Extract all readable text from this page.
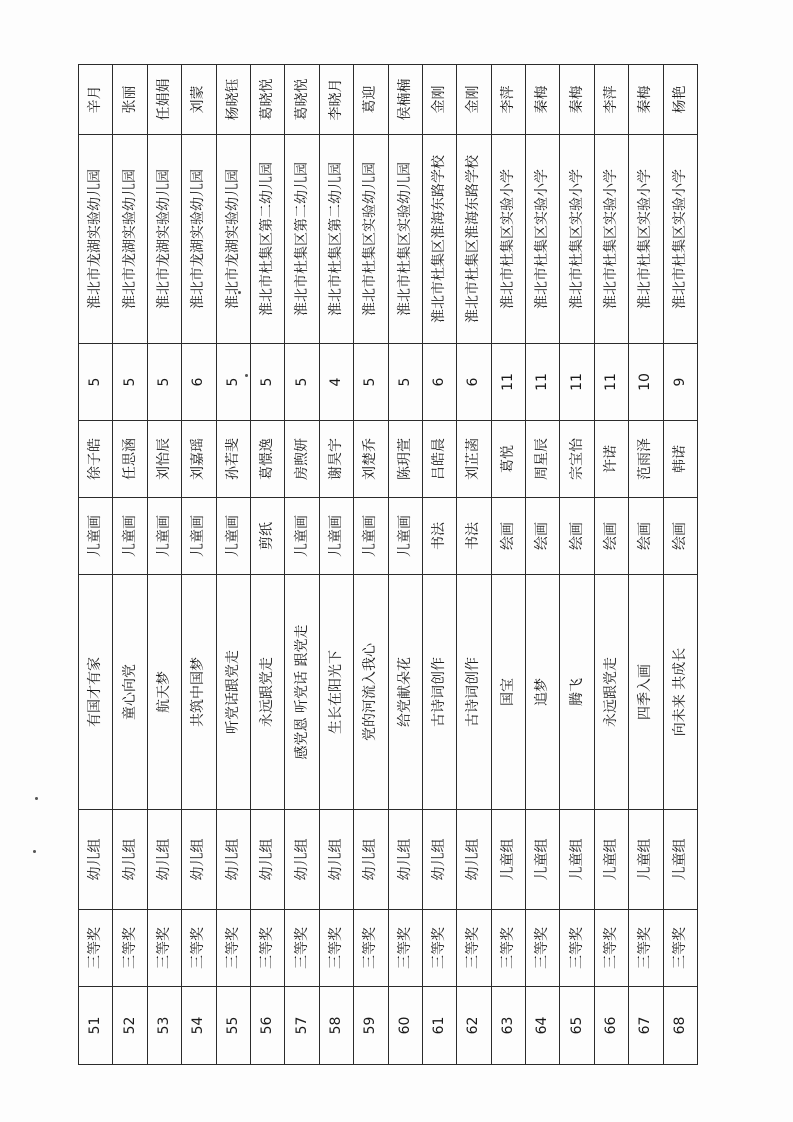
51	三等奖	幼儿组	有国才有家	儿童画	徐子皓	5	淮北市龙湖实验幼儿园	辛月
52	三等奖	幼儿组	童心向党	儿童画	任思涵	5	淮北市龙湖实验幼儿园	张丽
53	三等奖	幼儿组	航天梦	儿童画	刘怡辰	5	淮北市龙湖实验幼儿园	任娟娟
54	三等奖	幼儿组	共筑中国梦	儿童画	刘嘉瑶	6	淮北市龙湖实验幼儿园	刘蒙
55	三等奖	幼儿组	听党话跟党走	儿童画	孙若斐	5	淮北市龙湖实验幼儿园	杨晓钰
56	三等奖	幼儿组	永远跟党走	剪纸	葛憬逸	5	淮北市杜集区第二幼儿园	葛晓悦
57	三等奖	幼儿组	感党恩 听党话 跟党走	儿童画	房煦妍	5	淮北市杜集区第二幼儿园	葛晓悦
58	三等奖	幼儿组	生长在阳光下	儿童画	谢昊宇	4	淮北市杜集区第二幼儿园	李晓月
59	三等奖	幼儿组	党的河流入我心	儿童画	刘楚乔	5	淮北市杜集区实验幼儿园	葛迎
60	三等奖	幼儿组	给党献朵花	儿童画	陈玥萱	5	淮北市杜集区实验幼儿园	侯楠楠
61	三等奖	幼儿组	古诗词创作	书法	吕皓晨	6	淮北市杜集区淮海东路学校	金刚
62	三等奖	幼儿组	古诗词创作	书法	刘芷菡	6	淮北市杜集区淮海东路学校	金刚
63	三等奖	儿童组	国宝	绘画	葛悦	11	淮北市杜集区实验小学	李萍
64	三等奖	儿童组	追梦	绘画	周星辰	11	淮北市杜集区实验小学	秦梅
65	三等奖	儿童组	腾飞	绘画	宗宝怡	11	淮北市杜集区实验小学	秦梅
66	三等奖	儿童组	永远跟党走	绘画	许诺	11	淮北市杜集区实验小学	李萍
67	三等奖	儿童组	四季入画	绘画	范雨泽	10	淮北市杜集区实验小学	秦梅
68	三等奖	儿童组	向未来 共成长	绘画	韩诺	9	淮北市杜集区实验小学	杨艳
